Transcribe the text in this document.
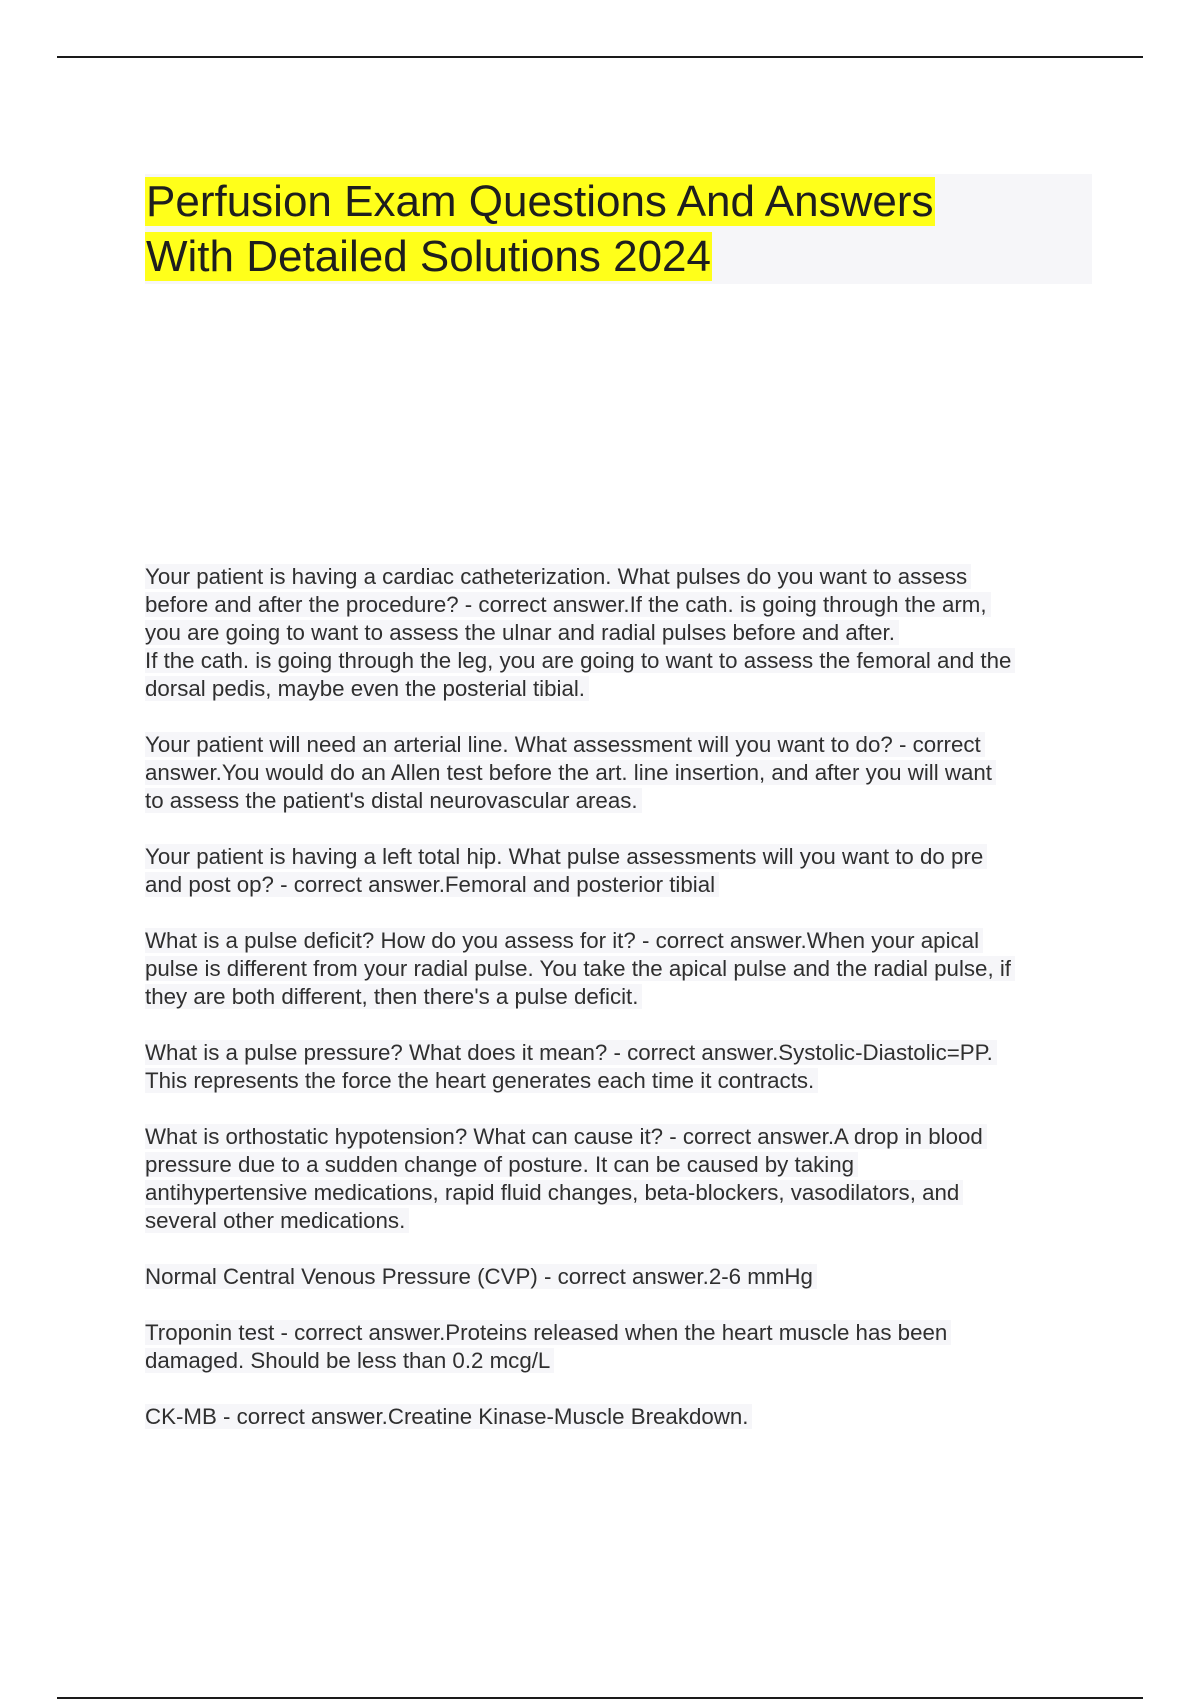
Perfusion Exam Questions And Answers
With Detailed Solutions 2024

Your patient is having a cardiac catheterization. What pulses do you want to assess
before and after the procedure? - correct answer.If the cath. is going through the arm,
you are going to want to assess the ulnar and radial pulses before and after.
If the cath. is going through the leg, you are going to want to assess the femoral and the
dorsal pedis, maybe even the posterial tibial.

Your patient will need an arterial line. What assessment will you want to do? - correct
answer.You would do an Allen test before the art. line insertion, and after you will want
to assess the patient's distal neurovascular areas.

Your patient is having a left total hip. What pulse assessments will you want to do pre
and post op? - correct answer.Femoral and posterior tibial

What is a pulse deficit? How do you assess for it? - correct answer.When your apical
pulse is different from your radial pulse. You take the apical pulse and the radial pulse, if
they are both different, then there's a pulse deficit.

What is a pulse pressure? What does it mean? - correct answer.Systolic-Diastolic=PP.
This represents the force the heart generates each time it contracts.

What is orthostatic hypotension? What can cause it? - correct answer.A drop in blood
pressure due to a sudden change of posture. It can be caused by taking
antihypertensive medications, rapid fluid changes, beta-blockers, vasodilators, and
several other medications.

Normal Central Venous Pressure (CVP) - correct answer.2-6 mmHg

Troponin test - correct answer.Proteins released when the heart muscle has been
damaged. Should be less than 0.2 mcg/L

CK-MB - correct answer.Creatine Kinase-Muscle Breakdown.
